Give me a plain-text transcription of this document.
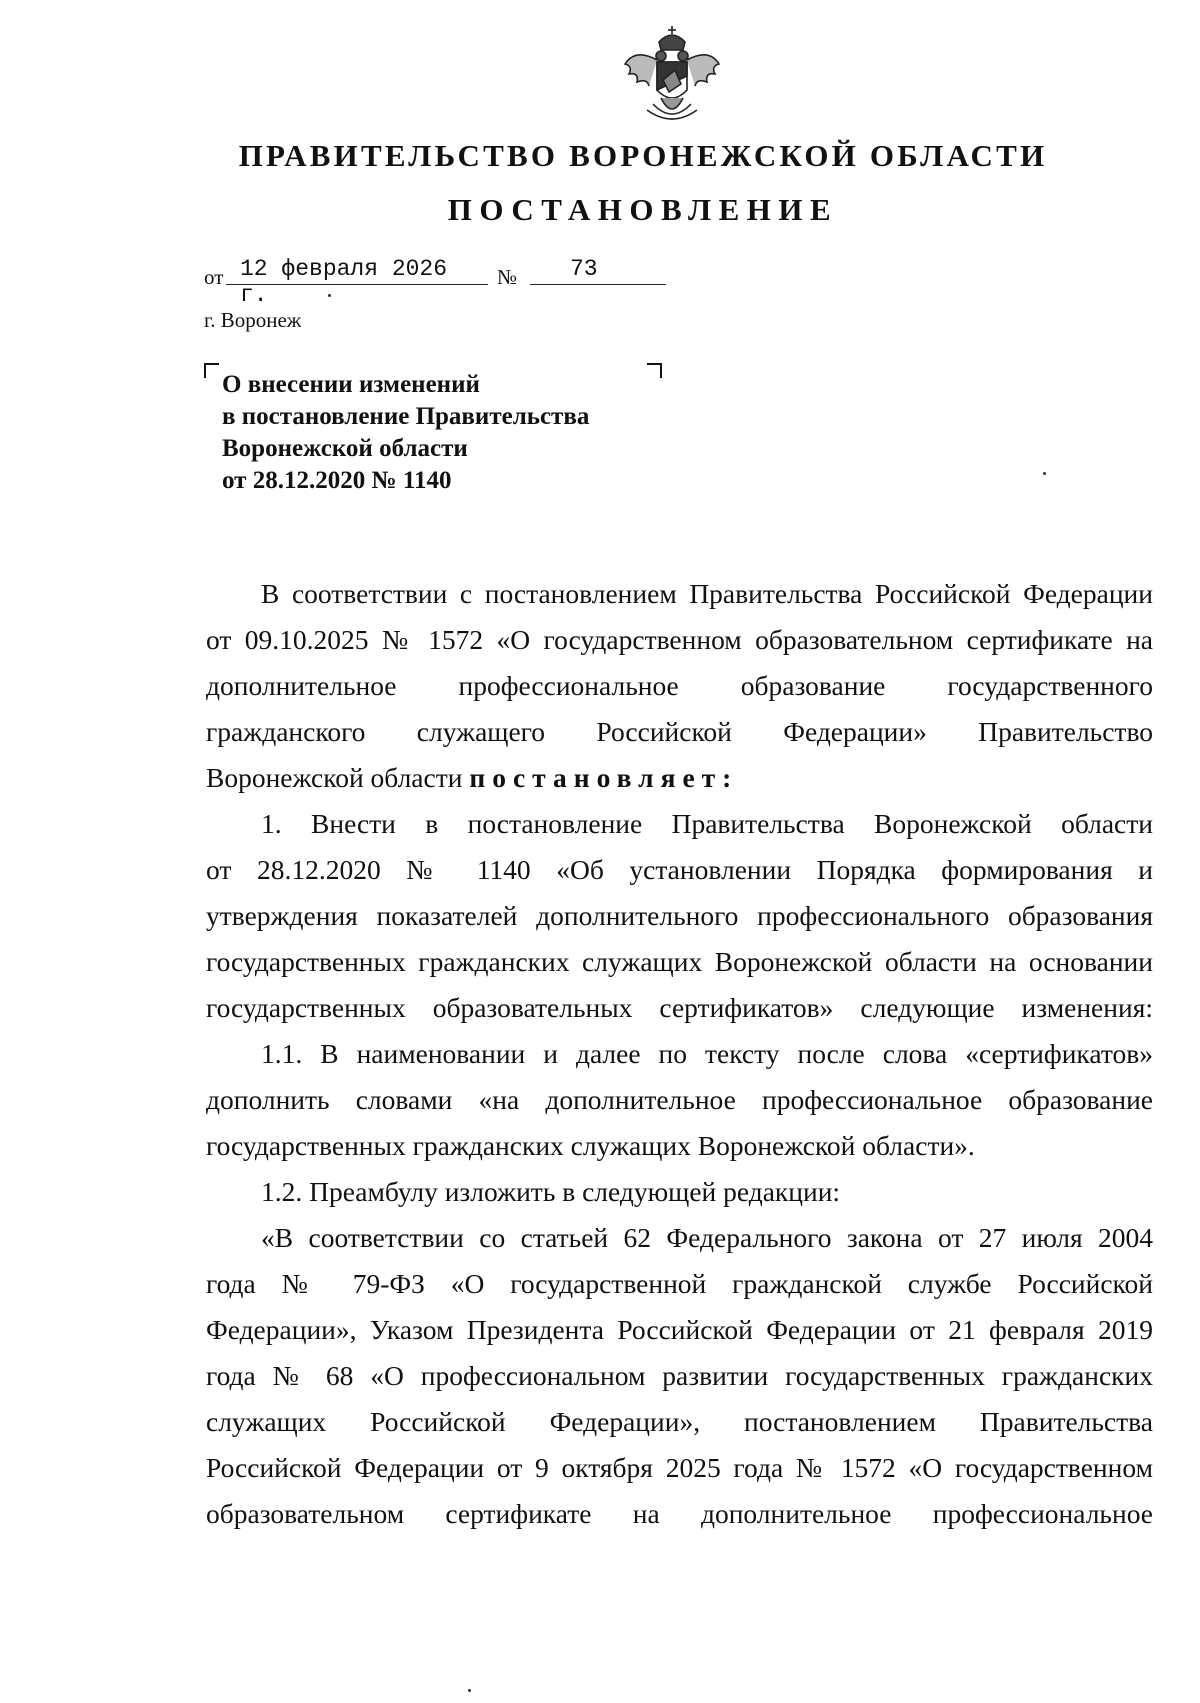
ПРАВИТЕЛЬСТВО ВОРОНЕЖСКОЙ ОБЛАСТИ
ПОСТАНОВЛЕНИЕ
от 12 февраля 2026 г.
№	73
г. Воронеж
О внесении изменений
в постановление Правительства
Воронежской области
от 28.12.2020 № 1140
В соответствии с постановлением Правительства Российской Федерации
от 09.10.2025 № 1572 «О государственном образовательном сертификате на
дополнительное профессиональное образование государственного
гражданского служащего Российской Федерации» Правительство
Воронежской области постановляет:
1. Внести в постановление Правительства Воронежской области
от 28.12.2020 № 1140 «Об установлении Порядка формирования и
утверждения показателей дополнительного профессионального образования
государственных гражданских служащих Воронежской области на основании
государственных образовательных сертификатов» следующие изменения:
1.1. В наименовании и далее по тексту после слова «сертификатов»
дополнить словами «на дополнительное профессиональное образование
государственных гражданских служащих Воронежской области».
1.2. Преамбулу изложить в следующей редакции:
«В соответствии со статьей 62 Федерального закона от 27 июля 2004
года № 79-ФЗ «О государственной гражданской службе Российской
Федерации», Указом Президента Российской Федерации от 21 февраля 2019
года № 68 «О профессиональном развитии государственных гражданских
служащих Российской Федерации», постановлением Правительства
Российской Федерации от 9 октября 2025 года № 1572 «О государственном
образовательном сертификате на дополнительное профессиональное
